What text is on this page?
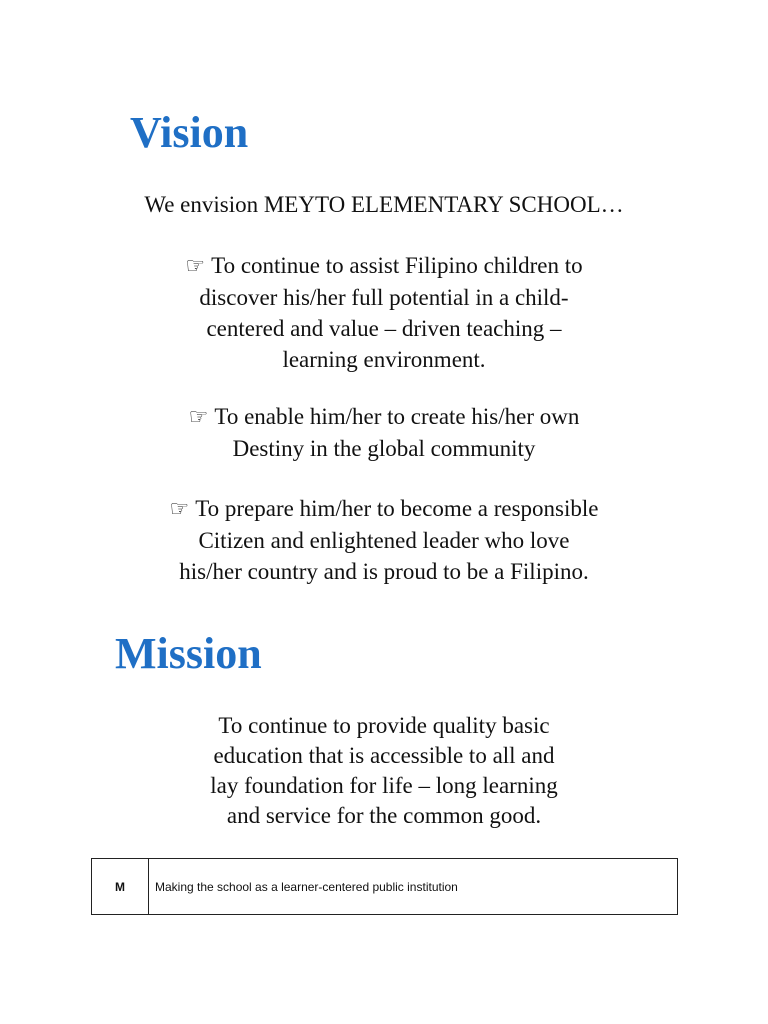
Vision
We envision MEYTO ELEMENTARY SCHOOL…
☞ To continue to assist Filipino children to
discover his/her full potential in a child-
centered and value – driven teaching –
learning environment.
☞ To enable him/her to create his/her own
Destiny in the global community
☞ To prepare him/her to become a responsible
Citizen and enlightened leader who love
his/her country and is proud to be a Filipino.
Mission
To continue to provide quality basic
education that is accessible to all and
lay foundation for life – long learning
and service for the common good.
M	Making the school as a learner-centered public institution
